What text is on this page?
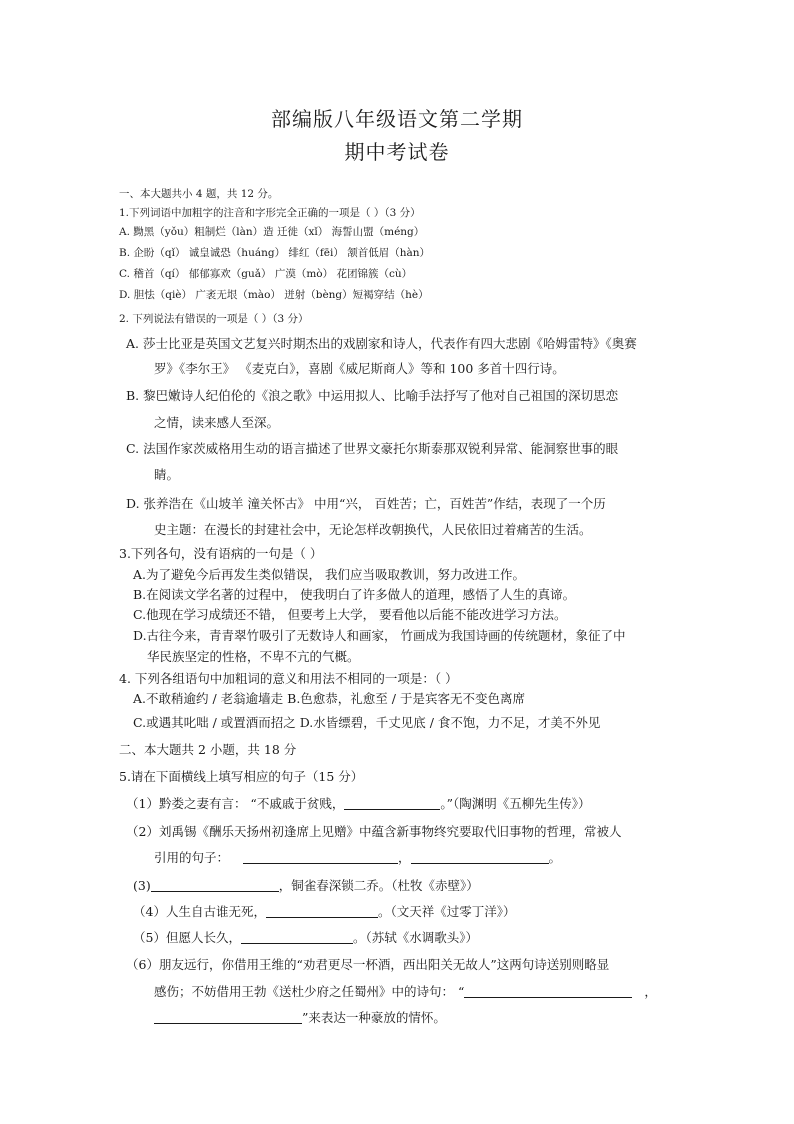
部编版八年级语文第二学期
期中考试卷
一、本大题共小 4 题，共 12 分。
1.下列词语中加粗字的注音和字形完全正确的一项是（ ）（3 分）
A. 黝黑（yǒu）粗制烂（làn）造 迁徙（xǐ） 海誓山盟（méng）
B. 企盼（qǐ） 诚皇诚恐（huáng） 绯红（fēi） 颔首低眉（hàn）
C. 稽首（qí） 郁郁寡欢（guǎ） 广漠（mò） 花团锦簇（cù）
D. 胆怯（qiè） 广袤无垠（mào） 迸射（bèng）短褐穿结（hè）
2. 下列说法有错误的一项是（ ）（3 分）
A. 莎士比亚是英国文艺复兴时期杰出的戏剧家和诗人，代表作有四大悲剧《哈姆雷特》《奥赛
罗》《李尔王》 《麦克白》，喜剧《威尼斯商人》等和 100 多首十四行诗。
B. 黎巴嫩诗人纪伯伦的《浪之歌》中运用拟人、比喻手法抒写了他对自己祖国的深切思恋
之情，读来感人至深。
C. 法国作家茨威格用生动的语言描述了世界文豪托尔斯泰那双锐利异常、能洞察世事的眼
睛。
D. 张养浩在《山坡羊 潼关怀古》 中用“兴， 百姓苦；亡，百姓苦”作结，表现了一个历
史主题：在漫长的封建社会中，无论怎样改朝换代，人民依旧过着痛苦的生活。
3.下列各句，没有语病的一句是（ ）
A.为了避免今后再发生类似错误， 我们应当吸取教训，努力改进工作。
B.在阅读文学名著的过程中， 使我明白了许多做人的道理，感悟了人生的真谛。
C.他现在学习成绩还不错， 但要考上大学， 要看他以后能不能改进学习方法。
D.古往今来，青青翠竹吸引了无数诗人和画家， 竹画成为我国诗画的传统题材，象征了中
华民族坚定的性格，不卑不亢的气概。
4. 下列各组语句中加粗词的意义和用法不相同的一项是：（ ）
A.不敢稍逾约 / 老翁逾墙走 B.色愈恭，礼愈至 / 于是宾客无不变色离席
C.或遇其叱咄 / 或置酒而招之 D.水皆缥碧，千丈见底 / 食不饱，力不足，才美不外见
二、本大题共 2 小题，共 18 分
5.请在下面横线上填写相应的句子（15 分）
（1）黔娄之妻有言： “不戚戚于贫贱，	。”（陶渊明《五柳先生传》）
（2）刘禹锡《酬乐天扬州初逢席上见赠》中蕴含新事物终究要取代旧事物的哲理，常被人
引用的句子：	，	。
(3)	，铜雀春深锁二乔。（杜牧《赤壁》）
（4）人生自古谁无死，	。（文天祥《过零丁洋》）
（5）但愿人长久，	。（苏轼《水调歌头》）
（6）朋友远行，你借用王维的“劝君更尽一杯酒，西出阳关无故人”这两句诗送别则略显
感伤；不妨借用王勃《送杜少府之任蜀州》中的诗句： “	，
”来表达一种豪放的情怀。
